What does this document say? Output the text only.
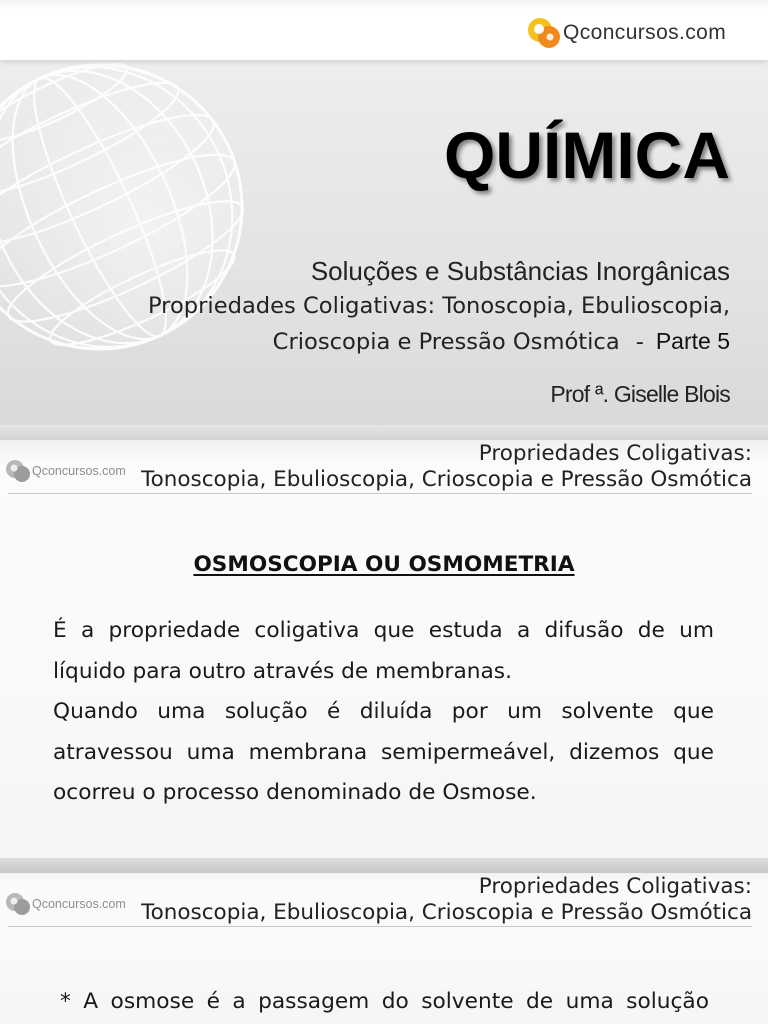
Qconcursos.com
QUÍMICA
Soluções e Substâncias Inorgânicas
Propriedades Coligativas: Tonoscopia, Ebulioscopia,
Crioscopia e Pressão Osmótica - Parte 5
Prof ª. Giselle Blois
Qconcursos.com
Propriedades Coligativas:
Tonoscopia, Ebulioscopia, Crioscopia e Pressão Osmótica
OSMOSCOPIA OU OSMOMETRIA
É a propriedade coligativa que estuda a difusão de um
líquido para outro através de membranas.
Quando uma solução é diluída por um solvente que
atravessou uma membrana semipermeável, dizemos que
ocorreu o processo denominado de Osmose.
Qconcursos.com
Propriedades Coligativas:
Tonoscopia, Ebulioscopia, Crioscopia e Pressão Osmótica
* A osmose é a passagem do solvente de uma solução
